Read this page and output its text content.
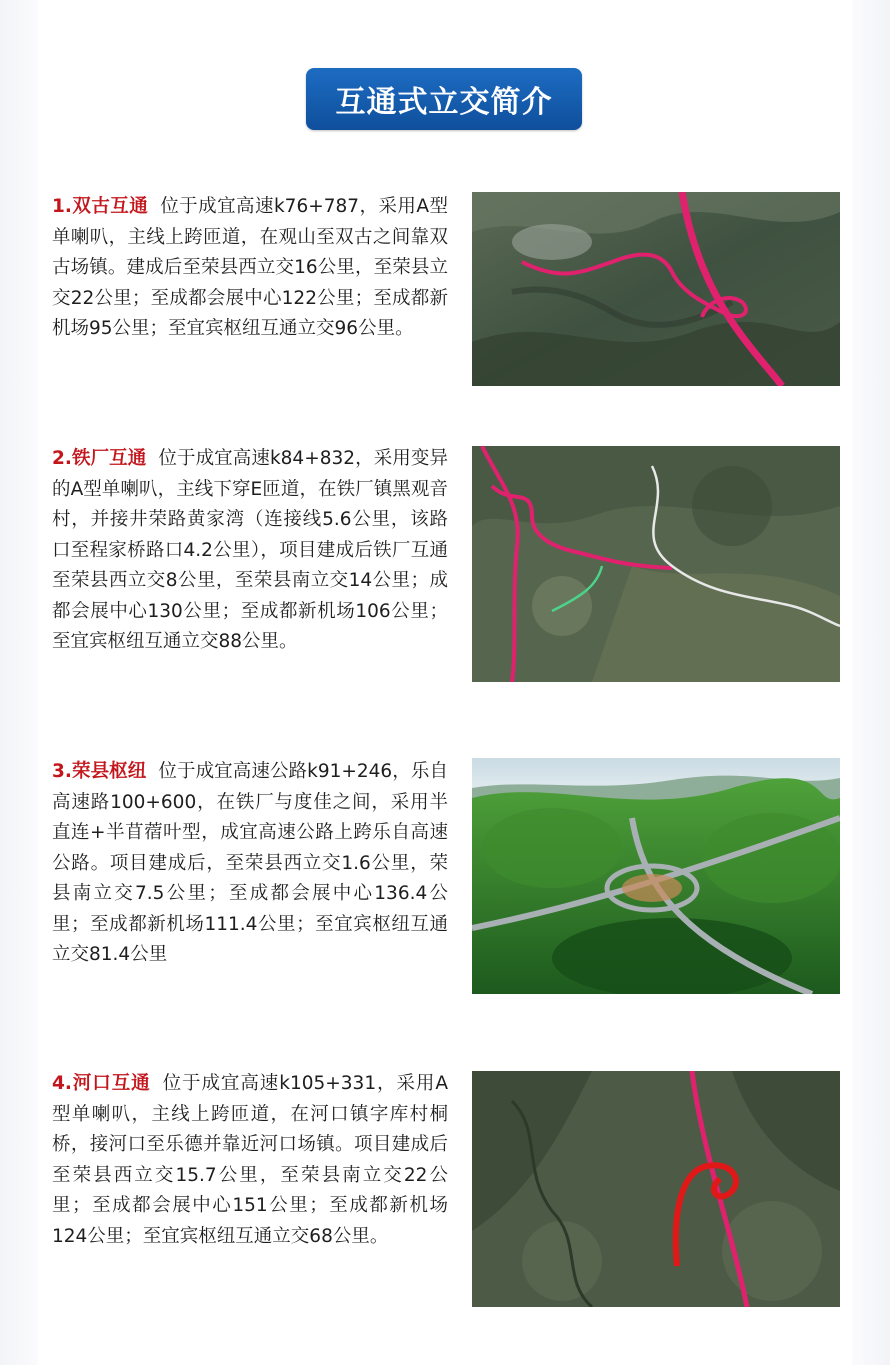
互通式立交简介

1.双古互通 位于成宜高速k76+787，采用A型单喇叭，主线上跨匝道，在观山至双古之间靠双古场镇。建成后至荣县西立交16公里，至荣县立交22公里；至成都会展中心122公里；至成都新机场95公里；至宜宾枢纽互通立交96公里。

2.铁厂互通 位于成宜高速k84+832，采用变异的A型单喇叭，主线下穿E匝道，在铁厂镇黑观音村，并接井荣路黄家湾（连接线5.6公里，该路口至程家桥路口4.2公里），项目建成后铁厂互通至荣县西立交8公里，至荣县南立交14公里；成都会展中心130公里；至成都新机场106公里；至宜宾枢纽互通立交88公里。

3.荣县枢纽 位于成宜高速公路k91+246，乐自高速路100+600，在铁厂与度佳之间，采用半直连+半苜蓿叶型，成宜高速公路上跨乐自高速公路。项目建成后，至荣县西立交1.6公里，荣县南立交7.5公里；至成都会展中心136.4公里；至成都新机场111.4公里；至宜宾枢纽互通立交81.4公里

4.河口互通 位于成宜高速k105+331，采用A型单喇叭，主线上跨匝道，在河口镇字库村桐桥，接河口至乐德并靠近河口场镇。项目建成后至荣县西立交15.7公里，至荣县南立交22公里；至成都会展中心151公里；至成都新机场124公里；至宜宾枢纽互通立交68公里。
